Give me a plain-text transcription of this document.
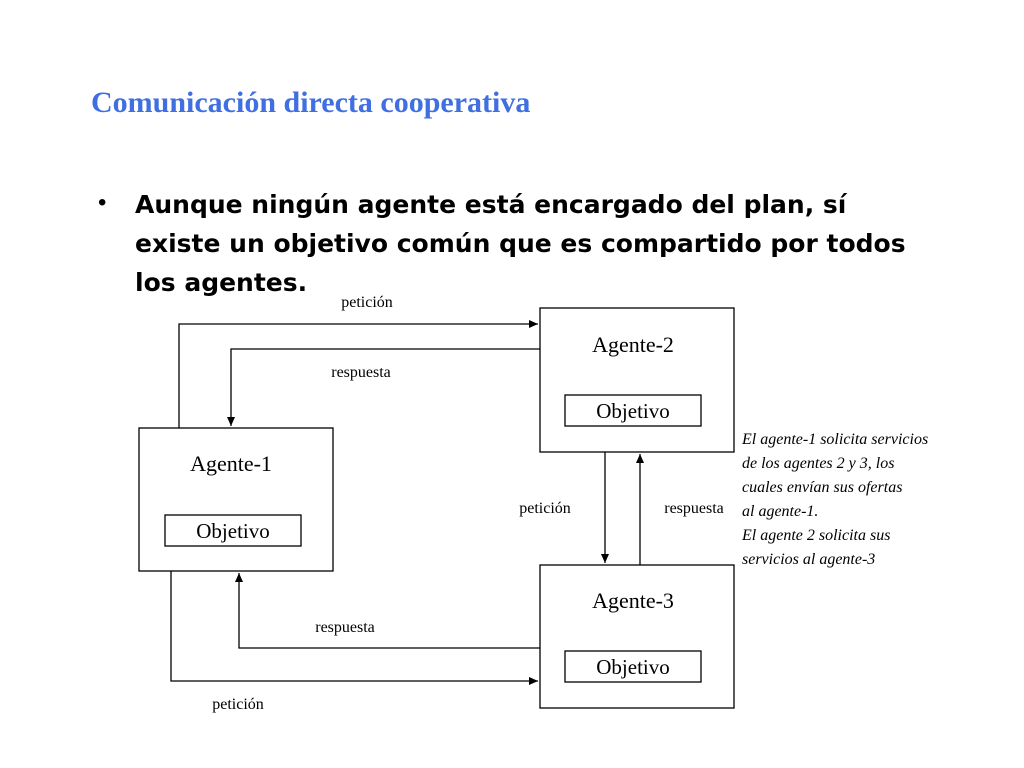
Comunicación directa cooperativa
• Aunque ningún agente está encargado del plan, sí
existe un objetivo común que es compartido por todos
los agentes.
Agente-1
Objetivo
Agente-2
Objetivo
Agente-3
Objetivo
petición
respuesta
petición	respuesta
respuesta
petición
El agente-1 solicita servicios
de los agentes 2 y 3, los
cuales envían sus ofertas
al agente-1.
El agente 2 solicita sus
servicios al agente-3
